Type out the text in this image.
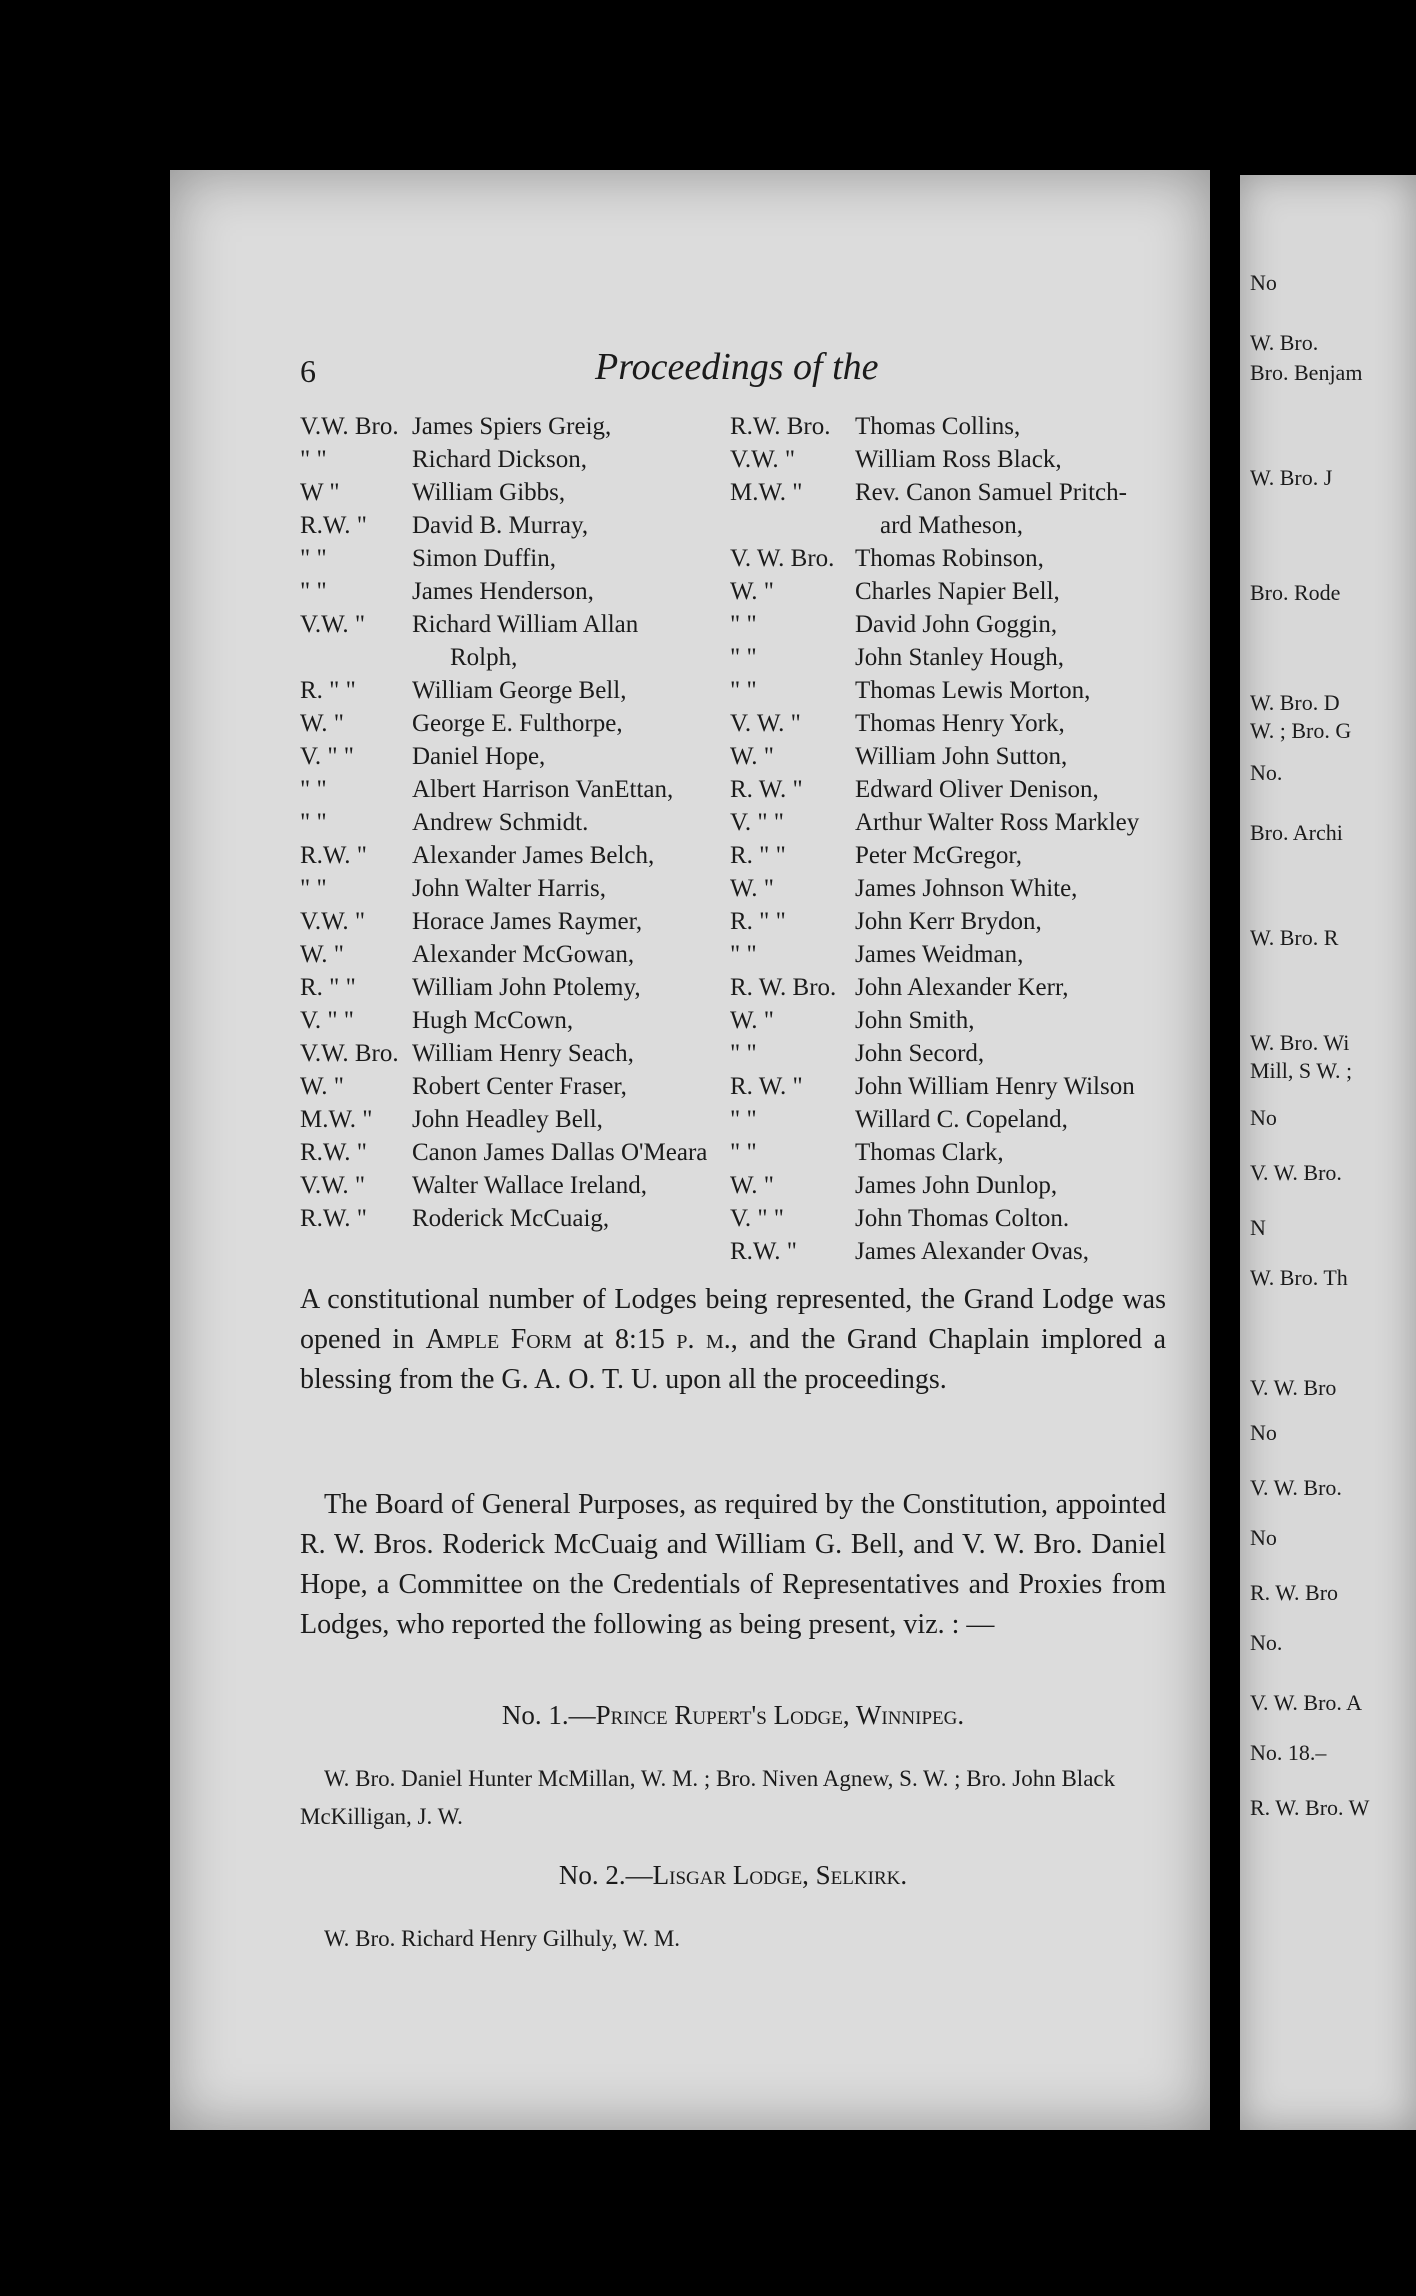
6	Proceedings of the
V.W. Bro. James Spiers Greig,
" "	Richard Dickson,
W "	William Gibbs,
R.W. "	David B. Murray,
" "	Simon Duffin,
" "	James Henderson,
V.W. "	Richard William Allan
Rolph,
R. " "	William George Bell,
W. "	George E. Fulthorpe,
V. " "	Daniel Hope,
" "	Albert Harrison VanEttan,
" "	Andrew Schmidt.
R.W. "	Alexander James Belch,
" "	John Walter Harris,
V.W. "	Horace James Raymer,
W. "	Alexander McGowan,
R. " "	William John Ptolemy,
V. " "	Hugh McCown,
V.W. Bro. William Henry Seach,
W. "	Robert Center Fraser,
M.W. "	John Headley Bell,
R.W. "	Canon James Dallas O'Meara
V.W. "	Walter Wallace Ireland,
R.W. "	Roderick McCuaig,
R.W. Bro. Thomas Collins,
V.W. "	William Ross Black,
M.W. "	Rev. Canon Samuel Pritch-
ard Matheson,
V. W. Bro. Thomas Robinson,
W. "	Charles Napier Bell,
" "	David John Goggin,
" "	John Stanley Hough,
" "	Thomas Lewis Morton,
V. W. "	Thomas Henry York,
W. "	William John Sutton,
R. W. "	Edward Oliver Denison,
V. " "	Arthur Walter Ross Markley
R. " "	Peter McGregor,
W. "	James Johnson White,
R. " "	John Kerr Brydon,
" "	James Weidman,
R. W. Bro. John Alexander Kerr,
W. "	John Smith,
" "	John Secord,
R. W. "	John William Henry Wilson
" "	Willard C. Copeland,
" "	Thomas Clark,
W. "	James John Dunlop,
V. " "	John Thomas Colton.
R.W. "	James Alexander Ovas,
A constitutional number of Lodges being represented, the Grand Lodge was opened in Ample Form at 8:15 p. m., and the Grand Chaplain implored a blessing from the G. A. O. T. U. upon all the proceedings.
The Board of General Purposes, as required by the Constitution, appointed R. W. Bros. Roderick McCuaig and William G. Bell, and V. W. Bro. Daniel Hope, a Committee on the Credentials of Representatives and Proxies from Lodges, who reported the following as being present, viz. : —
No. 1.—Prince Rupert's Lodge, Winnipeg.
W. Bro. Daniel Hunter McMillan, W. M. ; Bro. Niven Agnew, S. W. ; Bro. John Black McKilligan, J. W.
No. 2.—Lisgar Lodge, Selkirk.
W. Bro. Richard Henry Gilhuly, W. M.
No
W. Bro.
Bro. Benjam
W. Bro. J
Bro. Rode
W. Bro. D
W. ; Bro. G
No.
Bro. Archi
W. Bro. R
W. Bro. Wi
Mill, S W. ;
No
V. W. Bro.
N
W. Bro. Th
V. W. Bro
No
V. W. Bro.
No
R. W. Bro
No.
V. W. Bro. A
No. 18.–
R. W. Bro. W
